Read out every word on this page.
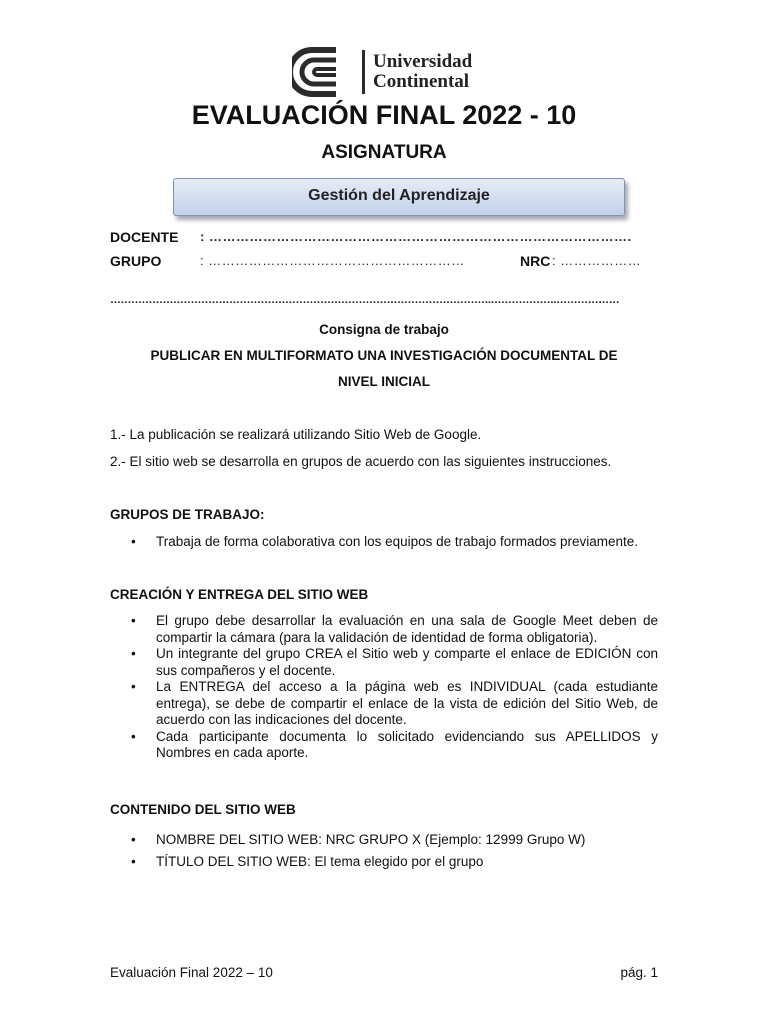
Universidad
Continental
EVALUACIÓN FINAL 2022 - 10
ASIGNATURA
Gestión del Aprendizaje
DOCENTE : ………………………………………………………………………………….
GRUPO	: …………………………………………………	NRC : ………………
……………………………………………………………………………………………….……………….………………
Consigna de trabajo
PUBLICAR EN MULTIFORMATO UNA INVESTIGACIÓN DOCUMENTAL DE
NIVEL INICIAL
1.- La publicación se realizará utilizando Sitio Web de Google.
2.- El sitio web se desarrolla en grupos de acuerdo con las siguientes instrucciones.
GRUPOS DE TRABAJO:
• Trabaja de forma colaborativa con los equipos de trabajo formados previamente.
CREACIÓN Y ENTREGA DEL SITIO WEB
• El grupo debe desarrollar la evaluación en una sala de Google Meet deben de compartir la cámara (para la validación de identidad de forma obligatoria).
• Un integrante del grupo CREA el Sitio web y comparte el enlace de EDICIÓN con sus compañeros y el docente.
• La ENTREGA del acceso a la página web es INDIVIDUAL (cada estudiante entrega), se debe de compartir el enlace de la vista de edición del Sitio Web, de acuerdo con las indicaciones del docente.
• Cada participante documenta lo solicitado evidenciando sus APELLIDOS y Nombres en cada aporte.
CONTENIDO DEL SITIO WEB
• NOMBRE DEL SITIO WEB: NRC GRUPO X (Ejemplo: 12999 Grupo W)
• TÍTULO DEL SITIO WEB: El tema elegido por el grupo
Evaluación Final 2022 – 10	pág. 1
